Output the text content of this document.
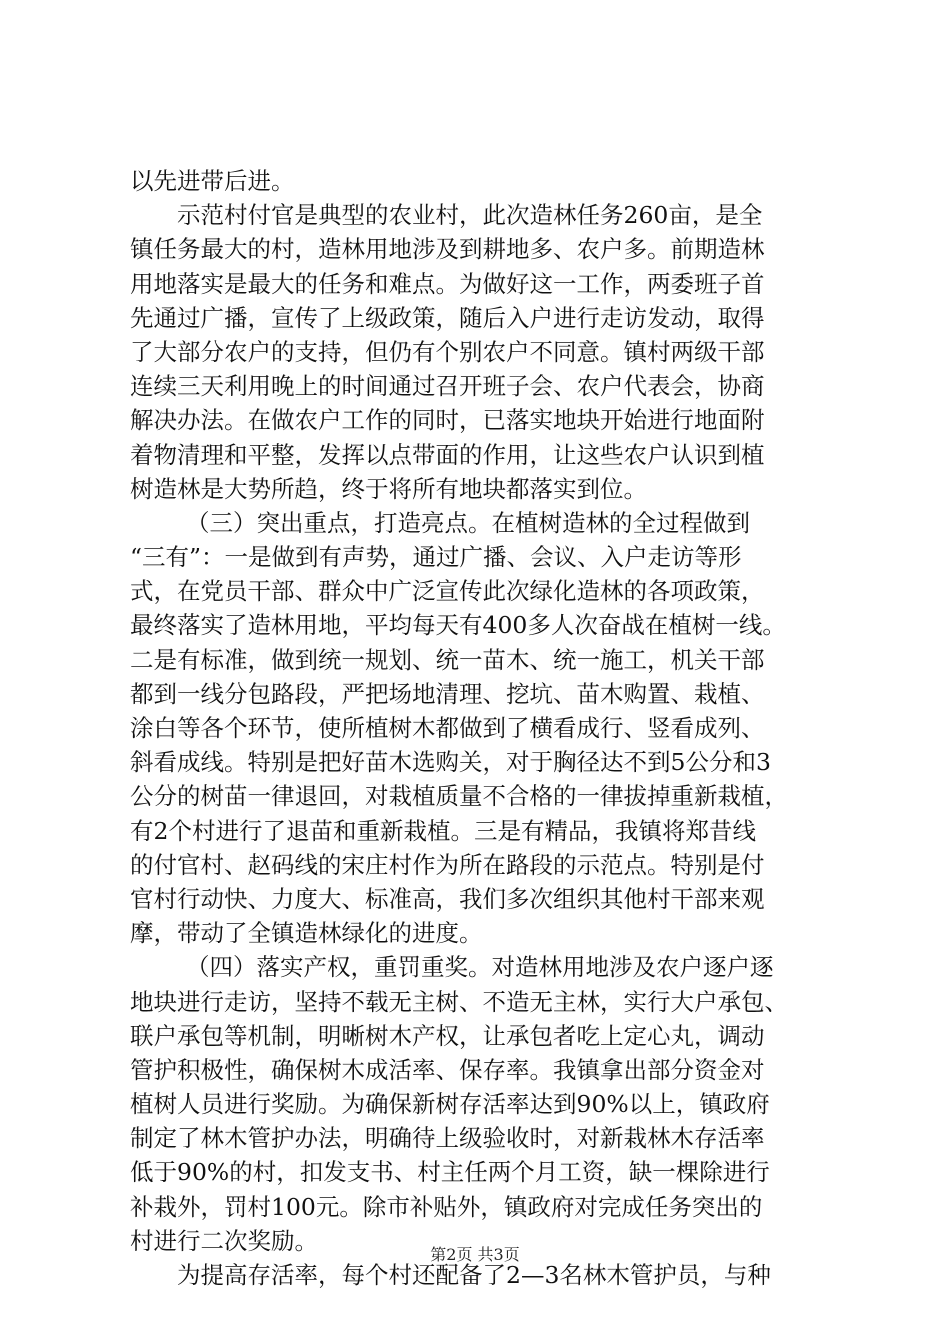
以先进带后进。
示范村付官是典型的农业村，此次造林任务260亩，是全
镇任务最大的村，造林用地涉及到耕地多、农户多。前期造林
用地落实是最大的任务和难点。为做好这一工作，两委班子首
先通过广播，宣传了上级政策，随后入户进行走访发动，取得
了大部分农户的支持，但仍有个别农户不同意。镇村两级干部
连续三天利用晚上的时间通过召开班子会、农户代表会，协商
解决办法。在做农户工作的同时，已落实地块开始进行地面附
着物清理和平整，发挥以点带面的作用，让这些农户认识到植
树造林是大势所趋，终于将所有地块都落实到位。
（三）突出重点，打造亮点。在植树造林的全过程做到
“三有”：一是做到有声势，通过广播、会议、入户走访等形
式，在党员干部、群众中广泛宣传此次绿化造林的各项政策，
最终落实了造林用地，平均每天有400多人次奋战在植树一线。
二是有标准，做到统一规划、统一苗木、统一施工，机关干部
都到一线分包路段，严把场地清理、挖坑、苗木购置、栽植、
涂白等各个环节，使所植树木都做到了横看成行、竖看成列、
斜看成线。特别是把好苗木选购关，对于胸径达不到5公分和3
公分的树苗一律退回，对栽植质量不合格的一律拔掉重新栽植，
有2个村进行了退苗和重新栽植。三是有精品，我镇将郑昔线
的付官村、赵码线的宋庄村作为所在路段的示范点。特别是付
官村行动快、力度大、标准高，我们多次组织其他村干部来观
摩，带动了全镇造林绿化的进度。
（四）落实产权，重罚重奖。对造林用地涉及农户逐户逐
地块进行走访，坚持不载无主树、不造无主林，实行大户承包、
联户承包等机制，明晰树木产权，让承包者吃上定心丸，调动
管护积极性，确保树木成活率、保存率。我镇拿出部分资金对
植树人员进行奖励。为确保新树存活率达到90%以上，镇政府
制定了林木管护办法，明确待上级验收时，对新栽林木存活率
低于90%的村，扣发支书、村主任两个月工资，缺一棵除进行
补栽外，罚村100元。除市补贴外，镇政府对完成任务突出的
村进行二次奖励。
为提高存活率，每个村还配备了2—3名林木管护员，与种
第2页 共3页
